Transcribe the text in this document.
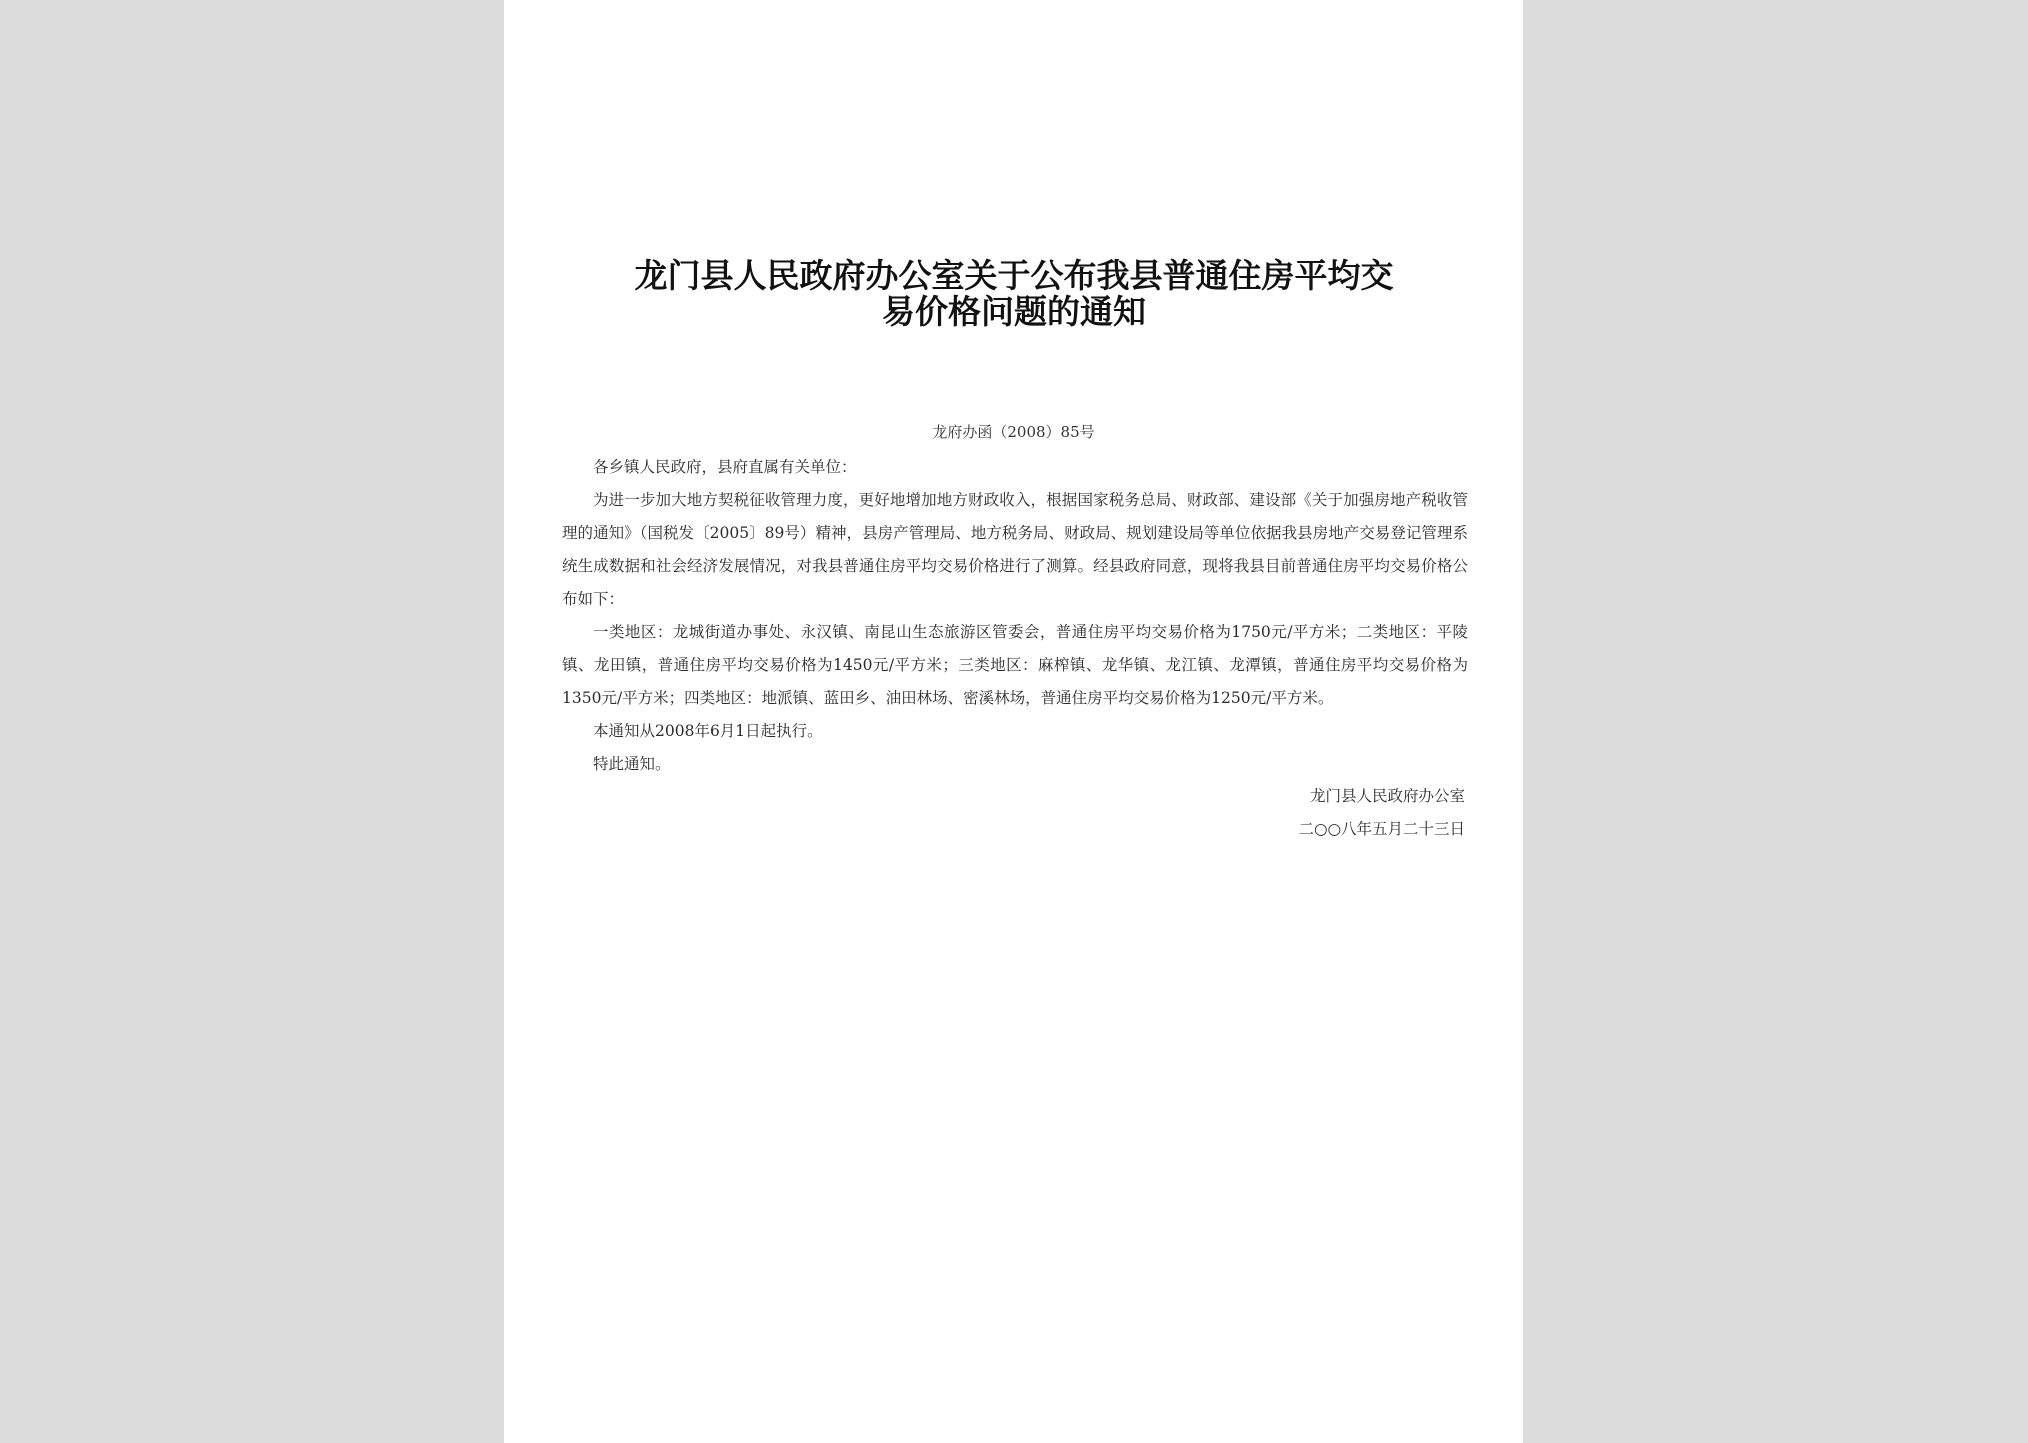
龙门县人民政府办公室关于公布我县普通住房平均交
易价格问题的通知
龙府办函（2008）85号

各乡镇人民政府，县府直属有关单位：

为进一步加大地方契税征收管理力度，更好地增加地方财政收入，根据国家税务总局、财政部、建设部《关于加强房地产税收管理的通知》（国税发〔2005〕89号）精神，县房产管理局、地方税务局、财政局、规划建设局等单位依据我县房地产交易登记管理系统生成数据和社会经济发展情况，对我县普通住房平均交易价格进行了测算。经县政府同意，现将我县目前普通住房平均交易价格公布如下：

一类地区：龙城街道办事处、永汉镇、南昆山生态旅游区管委会，普通住房平均交易价格为1750元/平方米；二类地区：平陵镇、龙田镇，普通住房平均交易价格为1450元/平方米；三类地区：麻榨镇、龙华镇、龙江镇、龙潭镇，普通住房平均交易价格为1350元/平方米；四类地区：地派镇、蓝田乡、油田林场、密溪林场，普通住房平均交易价格为1250元/平方米。

本通知从2008年6月1日起执行。

特此通知。

龙门县人民政府办公室

二○○八年五月二十三日
